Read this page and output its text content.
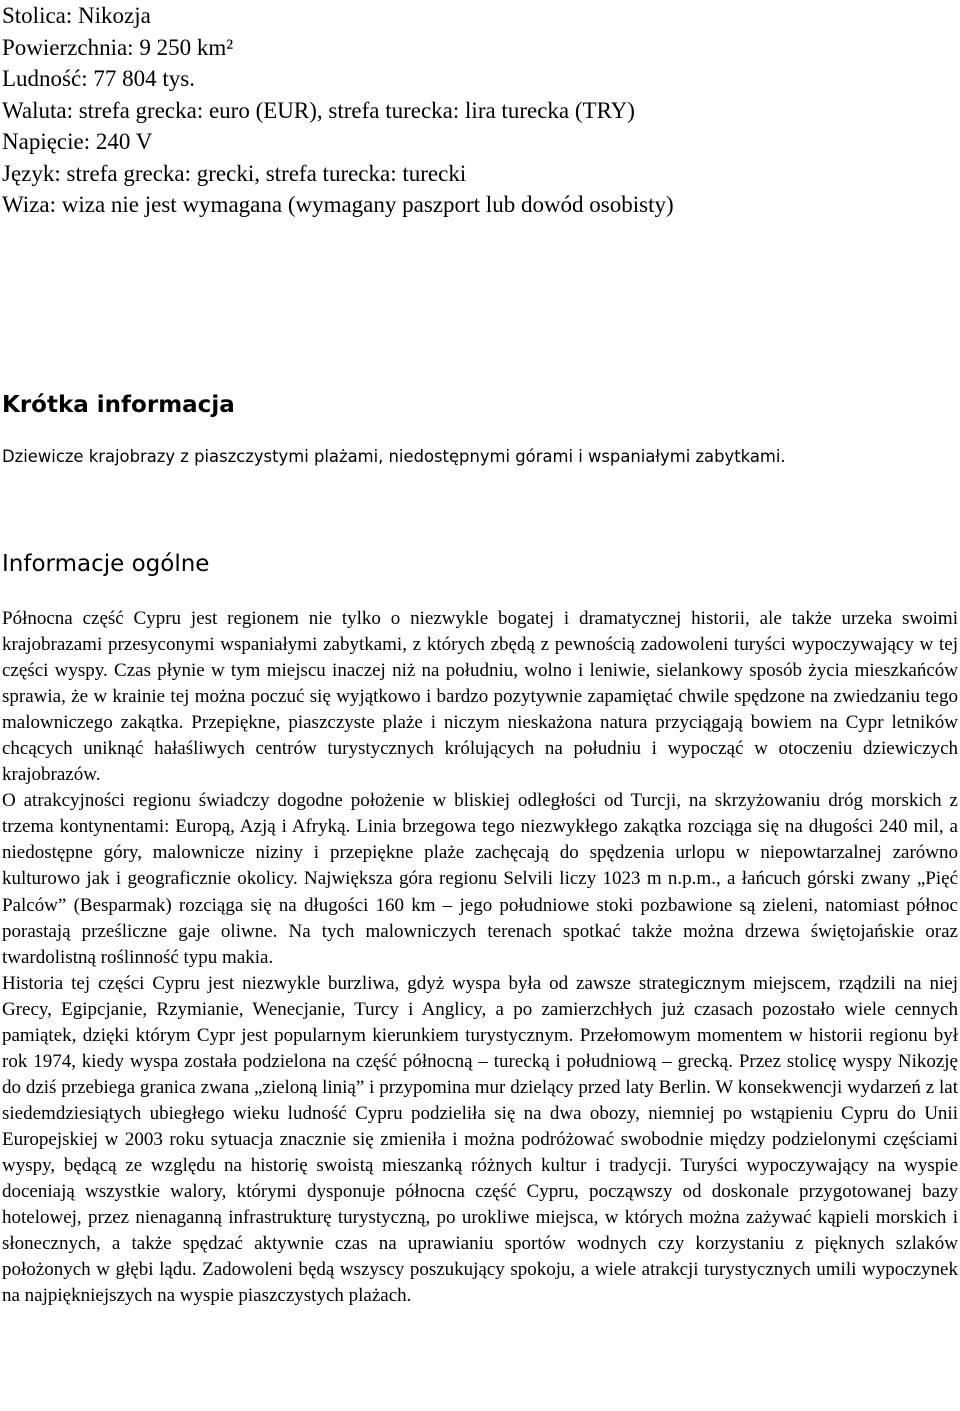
Stolica: Nikozja
Powierzchnia: 9 250 km²
Ludność: 77 804 tys.
Waluta: strefa grecka: euro (EUR), strefa turecka: lira turecka (TRY)
Napięcie: 240 V
Język: strefa grecka: grecki, strefa turecka: turecki
Wiza: wiza nie jest wymagana (wymagany paszport lub dowód osobisty)
Krótka informacja

Dziewicze krajobrazy z piaszczystymi plażami, niedostępnymi górami i wspaniałymi zabytkami.

Informacje ogólne

Północna część Cypru jest regionem nie tylko o niezwykle bogatej i dramatycznej historii, ale także urzeka swoimi krajobrazami przesyconymi wspaniałymi zabytkami, z których zbędą z pewnością zadowoleni turyści wypoczywający w tej części wyspy. Czas płynie w tym miejscu inaczej niż na południu, wolno i leniwie, sielankowy sposób życia mieszkańców sprawia, że w krainie tej można poczuć się wyjątkowo i bardzo pozytywnie zapamiętać chwile spędzone na zwiedzaniu tego malowniczego zakątka. Przepiękne, piaszczyste plaże i niczym nieskażona natura przyciągają bowiem na Cypr letników chcących uniknąć hałaśliwych centrów turystycznych królujących na południu i wypocząć w otoczeniu dziewiczych krajobrazów.

O atrakcyjności regionu świadczy dogodne położenie w bliskiej odległości od Turcji, na skrzyżowaniu dróg morskich z trzema kontynentami: Europą, Azją i Afryką. Linia brzegowa tego niezwykłego zakątka rozciąga się na długości 240 mil, a niedostępne góry, malownicze niziny i przepiękne plaże zachęcają do spędzenia urlopu w niepowtarzalnej zarówno kulturowo jak i geograficznie okolicy. Największa góra regionu Selvili liczy 1023 m n.p.m., a łańcuch górski zwany „Pięć Palców” (Besparmak) rozciąga się na długości 160 km – jego południowe stoki pozbawione są zieleni, natomiast północ porastają prześliczne gaje oliwne. Na tych malowniczych terenach spotkać także można drzewa świętojańskie oraz twardolistną roślinność typu makia.

Historia tej części Cypru jest niezwykle burzliwa, gdyż wyspa była od zawsze strategicznym miejscem, rządzili na niej Grecy, Egipcjanie, Rzymianie, Wenecjanie, Turcy i Anglicy, a po zamierzchłych już czasach pozostało wiele cennych pamiątek, dzięki którym Cypr jest popularnym kierunkiem turystycznym. Przełomowym momentem w historii regionu był rok 1974, kiedy wyspa została podzielona na część północną – turecką i południową – grecką. Przez stolicę wyspy Nikozję do dziś przebiega granica zwana „zieloną linią” i przypomina mur dzielący przed laty Berlin. W konsekwencji wydarzeń z lat siedemdziesiątych ubiegłego wieku ludność Cypru podzieliła się na dwa obozy, niemniej po wstąpieniu Cypru do Unii Europejskiej w 2003 roku sytuacja znacznie się zmieniła i można podróżować swobodnie między podzielonymi częściami wyspy, będącą ze względu na historię swoistą mieszanką różnych kultur i tradycji. Turyści wypoczywający na wyspie doceniają wszystkie walory, którymi dysponuje północna część Cypru, począwszy od doskonale przygotowanej bazy hotelowej, przez nienaganną infrastrukturę turystyczną, po urokliwe miejsca, w których można zażywać kąpieli morskich i słonecznych, a także spędzać aktywnie czas na uprawianiu sportów wodnych czy korzystaniu z pięknych szlaków położonych w głębi lądu. Zadowoleni będą wszyscy poszukujący spokoju, a wiele atrakcji turystycznych umili wypoczynek na najpiękniejszych na wyspie piaszczystych plażach.
